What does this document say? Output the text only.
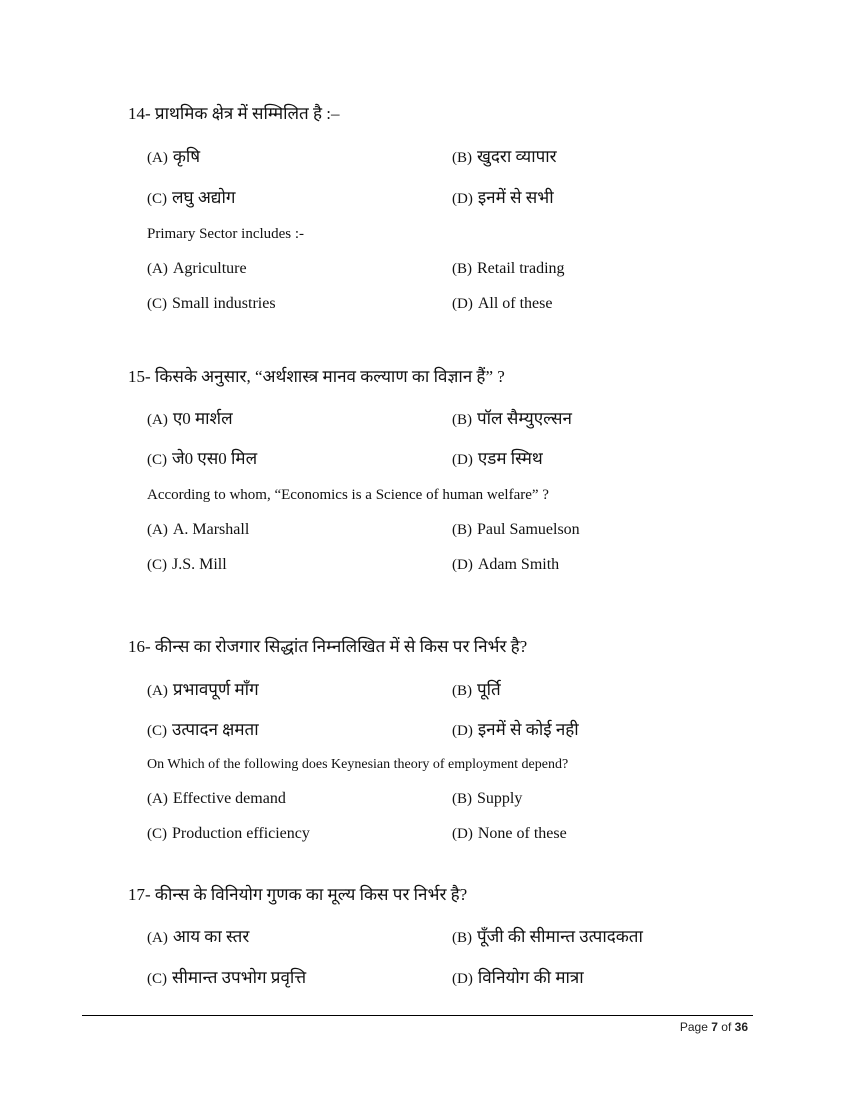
14- प्राथमिक क्षेत्र में सम्मिलित है :–
(A) कृषि	(B) खुदरा व्यापार
(C) लघु अद्योग	(D) इनमें से सभी
Primary Sector includes :-
(A) Agriculture	(B) Retail trading
(C) Small industries	(D) All of these
15- किसके अनुसार, “अर्थशास्त्र मानव कल्याण का विज्ञान हैं” ?
(A) ए0 मार्शल	(B) पॉल सैम्युएल्सन
(C) जे0 एस0 मिल	(D) एडम स्मिथ
According to whom, “Economics is a Science of human welfare” ?
(A) A. Marshall	(B) Paul Samuelson
(C) J.S. Mill	(D) Adam Smith
16- कीन्स का रोजगार सिद्धांत निम्नलिखित में से किस पर निर्भर है?
(A) प्रभावपूर्ण माँग	(B) पूर्ति
(C) उत्पादन क्षमता	(D) इनमें से कोई नही
On Which of the following does Keynesian theory of employment depend?
(A) Effective demand	(B) Supply
(C) Production efficiency	(D) None of these
17- कीन्स के विनियोग गुणक का मूल्य किस पर निर्भर है?
(A) आय का स्तर	(B) पूँजी की सीमान्त उत्पादकता
(C) सीमान्त उपभोग प्रवृत्ति	(D) विनियोग की मात्रा
Page 7 of 36
